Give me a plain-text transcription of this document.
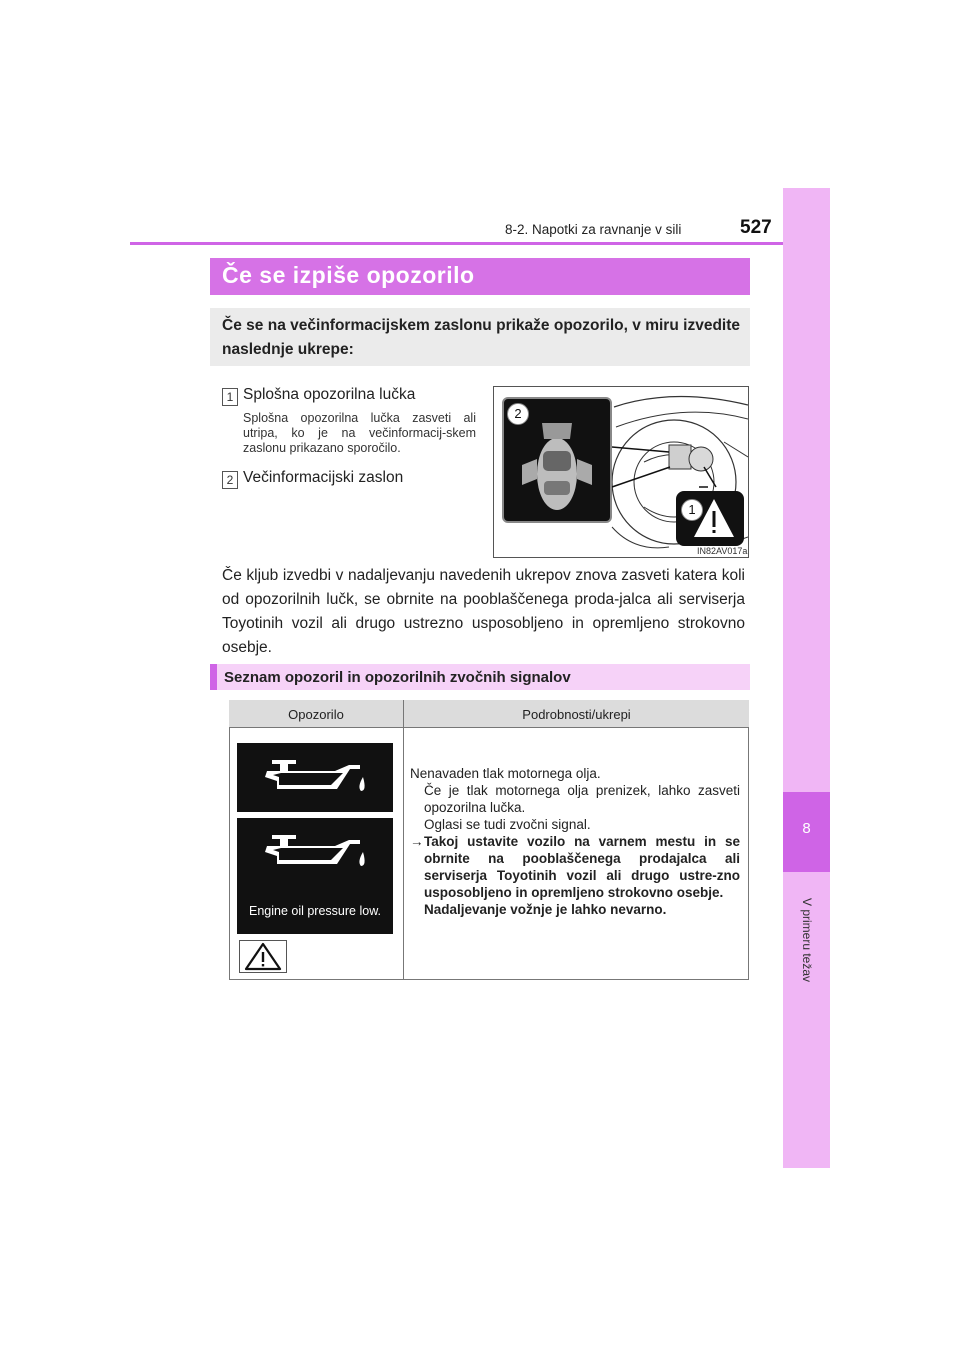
8
V primeru težav
8-2. Napotki za ravnanje v sili	527
Če se izpiše opozorilo
Če se na večinformacijskem zaslonu prikaže opozorilo, v miru izvedite naslednje ukrepe:
1 Splošna opozorilna lučka
Splošna opozorilna lučka zasveti ali utripa, ko je na večinformacij-skem zaslonu prikazano sporočilo.
2 Večinformacijski zaslon
2
1
IN82AV017a
Če kljub izvedbi v nadaljevanju navedenih ukrepov znova zasveti katera koli od opozorilnih lučk, se obrnite na pooblaščenega proda-jalca ali serviserja Toyotinih vozil ali drugo ustrezno usposobljeno in opremljeno strokovno osebje.
Seznam opozoril in opozorilnih zvočnih signalov
Opozorilo	Podrobnosti/ukrepi
Engine oil pressure low.

Nenavaden tlak motornega olja.

Če je tlak motornega olja prenizek, lahko zasveti opozorilna lučka.

Oglasi se tudi zvočni signal.

→ Takoj ustavite vozilo na varnem mestu in se obrnite na pooblaščenega prodajalca ali serviserja Toyotinih vozil ali drugo ustre-zno usposobljeno in opremljeno strokovno osebje.

Nadaljevanje vožnje je lahko nevarno.
